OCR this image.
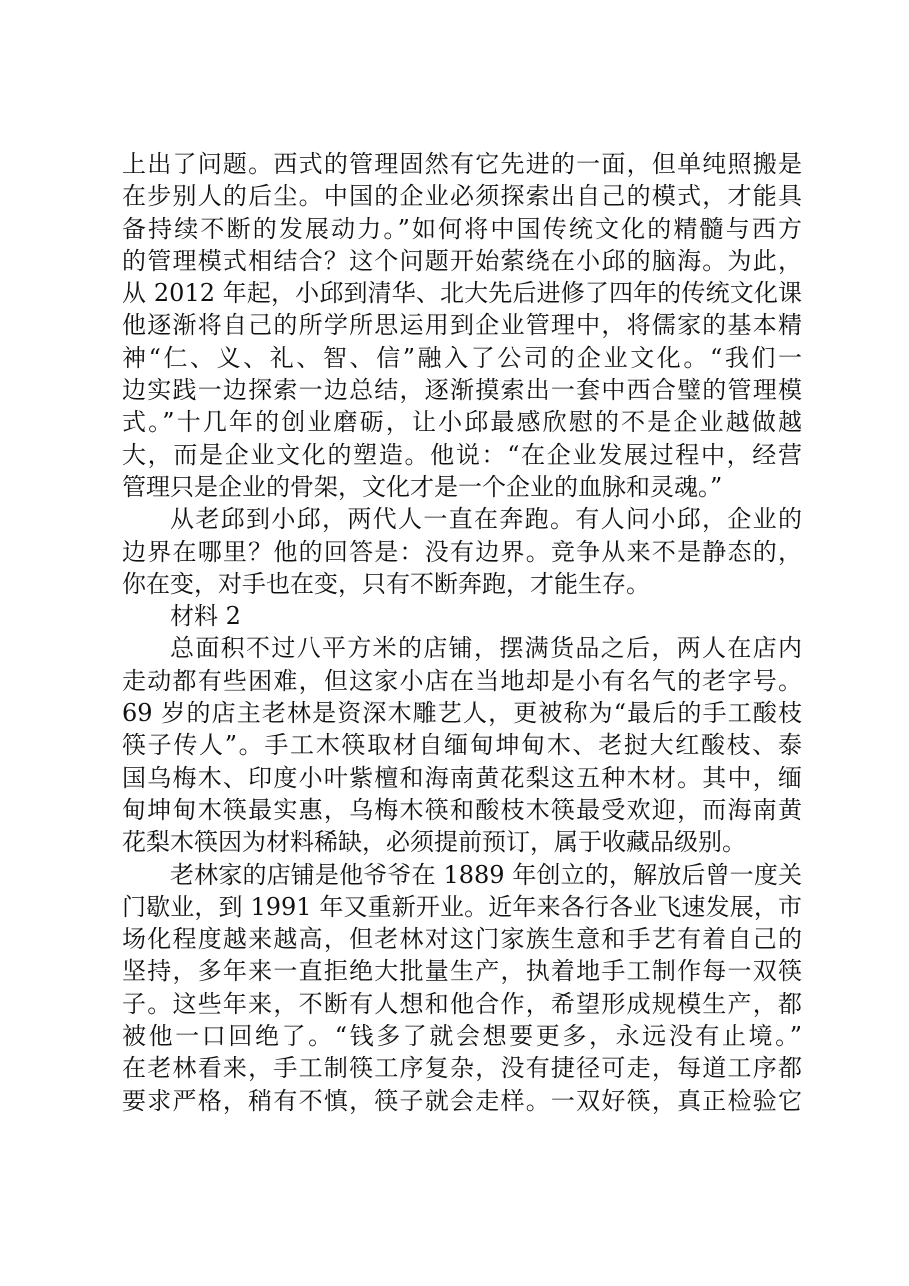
上出了问题。西式的管理固然有它先进的一面，但单纯照搬是
在步别人的后尘。中国的企业必须探索出自己的模式，才能具
备持续不断的发展动力。”如何将中国传统文化的精髓与西方
的管理模式相结合？这个问题开始萦绕在小邱的脑海。为此，
从 2012 年起，小邱到清华、北大先后进修了四年的传统文化课
他逐渐将自己的所学所思运用到企业管理中，将儒家的基本精
神“仁、义、礼、智、信”融入了公司的企业文化。“我们一
边实践一边探索一边总结，逐渐摸索出一套中西合璧的管理模
式。”十几年的创业磨砺，让小邱最感欣慰的不是企业越做越
大，而是企业文化的塑造。他说：“在企业发展过程中，经营
管理只是企业的骨架，文化才是一个企业的血脉和灵魂。”
从老邱到小邱，两代人一直在奔跑。有人问小邱，企业的
边界在哪里？他的回答是：没有边界。竞争从来不是静态的，
你在变，对手也在变，只有不断奔跑，才能生存。
材料 2
总面积不过八平方米的店铺，摆满货品之后，两人在店内
走动都有些困难，但这家小店在当地却是小有名气的老字号。
69 岁的店主老林是资深木雕艺人，更被称为“最后的手工酸枝
筷子传人”。手工木筷取材自缅甸坤甸木、老挝大红酸枝、泰
国乌梅木、印度小叶紫檀和海南黄花梨这五种木材。其中，缅
甸坤甸木筷最实惠，乌梅木筷和酸枝木筷最受欢迎，而海南黄
花梨木筷因为材料稀缺，必须提前预订，属于收藏品级别。
老林家的店铺是他爷爷在 1889 年创立的，解放后曾一度关
门歇业，到 1991 年又重新开业。近年来各行各业飞速发展，市
场化程度越来越高，但老林对这门家族生意和手艺有着自己的
坚持，多年来一直拒绝大批量生产，执着地手工制作每一双筷
子。这些年来，不断有人想和他合作，希望形成规模生产，都
被他一口回绝了。“钱多了就会想要更多，永远没有止境。”
在老林看来，手工制筷工序复杂，没有捷径可走，每道工序都
要求严格，稍有不慎，筷子就会走样。一双好筷，真正检验它
